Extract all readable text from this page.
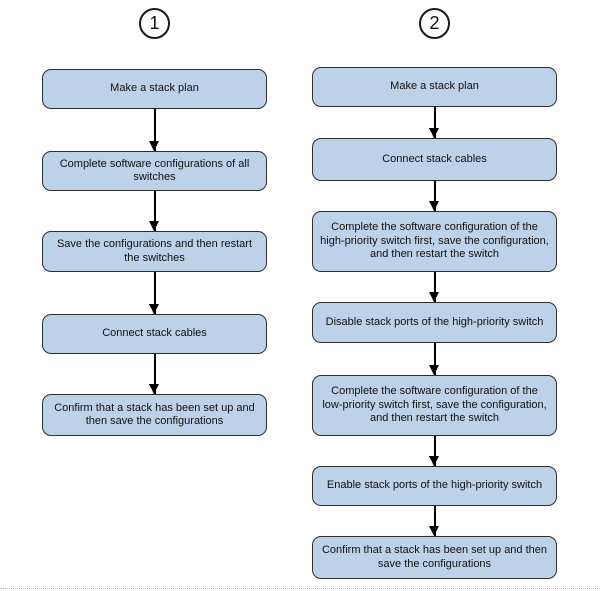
1
Make a stack plan
Complete software configurations of all switches
Save the configurations and then restart the switches
Connect stack cables
Confirm that a stack has been set up and then save the configurations
2
Make a stack plan
Connect stack cables
Complete the software configuration of the high-priority switch first, save the configuration, and then restart the switch
Disable stack ports of the high-priority switch
Complete the software configuration of the low-priority switch first, save the configuration, and then restart the switch
Enable stack ports of the high-priority switch
Confirm that a stack has been set up and then save the configurations
